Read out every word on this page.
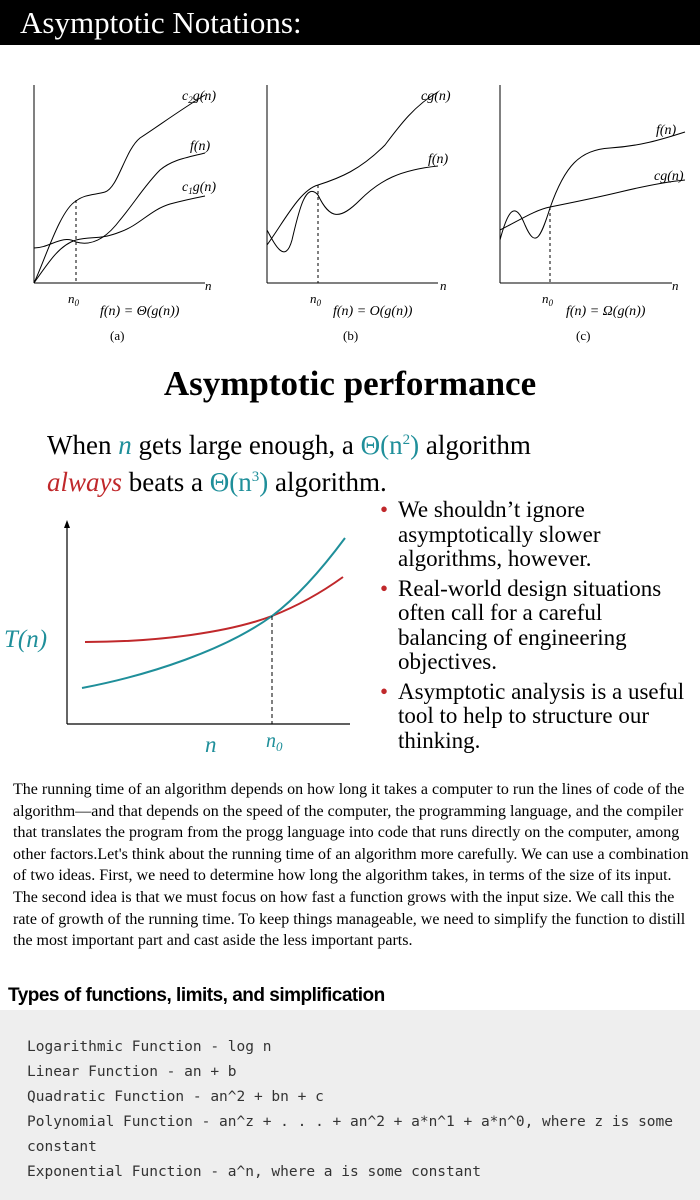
Asymptotic Notations:
$c_2g(n)$
f(n)
$c_1g(n)$
n
$n_0$
f(n) = Θ(g(n))
(a)
cg(n)
f(n)
n
$n_0$
f(n) = O(g(n))
(b)
f(n)
cg(n)
n
$n_0$
f(n) = Ω(g(n))
(c)
Asymptotic performance
When n gets large enough, a $\Theta(n^2)$ algorithm
always beats a $\Theta(n^3)$ algorithm.
T(n)
n $n_0$
• We shouldn’t ignore asymptotically slower algorithms, however.
• Real-world design situations often call for a careful balancing of engineering objectives.
• Asymptotic analysis is a useful tool to help to structure our thinking.

The running time of an algorithm depends on how long it takes a computer to run the lines of code of the algorithm—and that depends on the speed of the computer, the programming language, and the compiler that translates the program from the progg language into code that runs directly on the computer, among other factors.Let's think about the running time of an algorithm more carefully. We can use a combination of two ideas. First, we need to determine how long the algorithm takes, in terms of the size of its input. The second idea is that we must focus on how fast a function grows with the input size. We call this the rate of growth of the running time. To keep things manageable, we need to simplify the function to distill the most important part and cast aside the less important parts.

Types of functions, limits, and simplification
Logarithmic Function - log n
Linear Function - an + b
Quadratic Function - an^2 + bn + c
Polynomial Function - an^z + . . . + an^2 + a*n^1 + a*n^0, where z is some constant
Exponential Function - a^n, where a is some constant
